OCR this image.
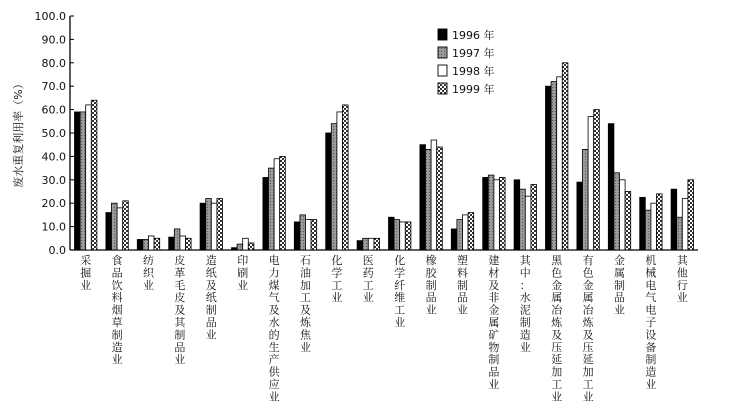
0.0
10.0
20.0
30.0
40.0
50.0
60.0
70.0
80.0
90.0
100.0
废水重复利用率（%）
采掘业
食品饮料烟草制造业
纺织业
皮革毛皮及其制品业
造纸及纸制品业
印刷业
电力煤气及水的生产供应业
石油加工及炼焦业
化学工业
医药工业
化学纤维工业
橡胶制品业
塑料制品业
建材及非金属矿物制品业
其中：水泥制造业
黑色金属冶炼及压延加工业
有色金属冶炼及压延加工业
金属制品业
机械电气电子设备制造业
其他行业
1996 年
1997 年
1998 年
1999 年
